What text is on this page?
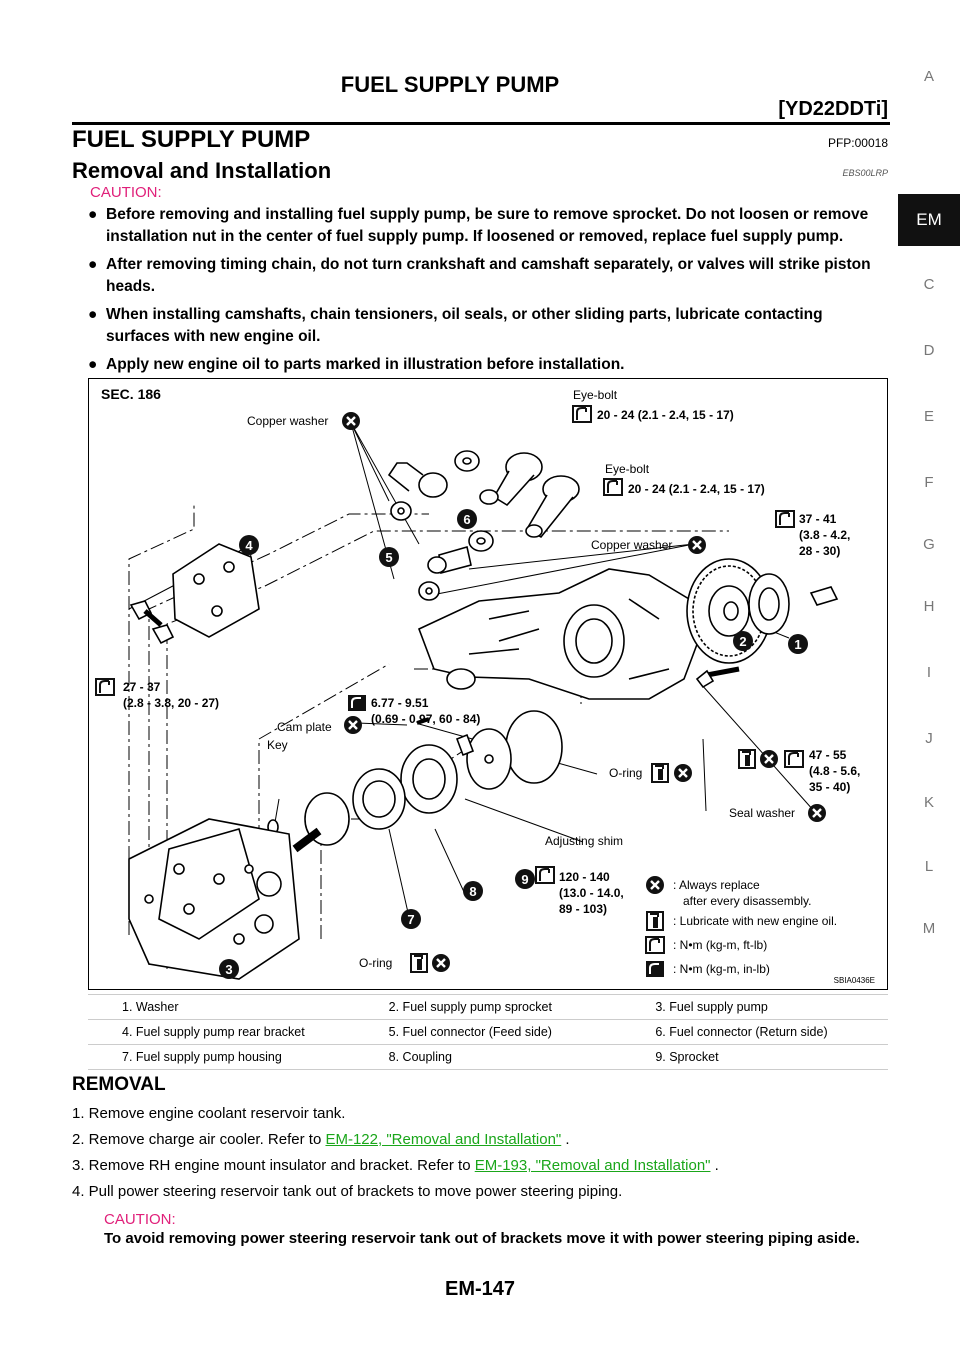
FUEL SUPPLY PUMP
[YD22DDTi]
A
EM
C
D
E
F
G
H
I
J
K
L
M
FUEL SUPPLY PUMP	PFP:00018
Removal and Installation	EBS00LRP
CAUTION:
● Before removing and installing fuel supply pump, be sure to remove sprocket. Do not loosen or remove installation nut in the center of fuel supply pump. If loosened or removed, replace fuel supply pump.
● After removing timing chain, do not turn crankshaft and camshaft separately, or valves will strike piston heads.
● When installing camshafts, chain tensioners, oil seals, or other sliding parts, lubricate contacting surfaces with new engine oil.
● Apply new engine oil to parts marked in illustration before installation.
1
2
3
4
5
6
7
8
9
SEC. 186
Copper washer
Eye-bolt
20 - 24 (2.1 - 2.4, 15 - 17)
Eye-bolt
20 - 24 (2.1 - 2.4, 15 - 17)
37 - 41
(3.8 - 4.2,
28 - 30)
Copper washer
27 - 37
(2.8 - 3.8, 20 - 27)	6.77 - 9.51
(0.69 - 0.97, 60 - 84)
Cam plate
Key
O-ring
47 - 55
(4.8 - 5.6,
35 - 40)
Seal washer
Adjusting shim
120 - 140
(13.0 - 14.0,
89 - 103)
O-ring
: Always replace
after every disassembly.
: Lubricate with new engine oil.
: N•m (kg-m, ft-lb)
: N•m (kg-m, in-lb)
SBIA0436E
1. Washer	2. Fuel supply pump sprocket	3. Fuel supply pump
4. Fuel supply pump rear bracket	5. Fuel connector (Feed side)	6. Fuel connector (Return side)
7. Fuel supply pump housing	8. Coupling	9. Sprocket
REMOVAL
1. Remove engine coolant reservoir tank.
2. Remove charge air cooler. Refer to EM-122, "Removal and Installation" .
3. Remove RH engine mount insulator and bracket. Refer to EM-193, "Removal and Installation" .
4. Pull power steering reservoir tank out of brackets to move power steering piping.
CAUTION:
To avoid removing power steering reservoir tank out of brackets move it with power steering piping aside.
EM-147
